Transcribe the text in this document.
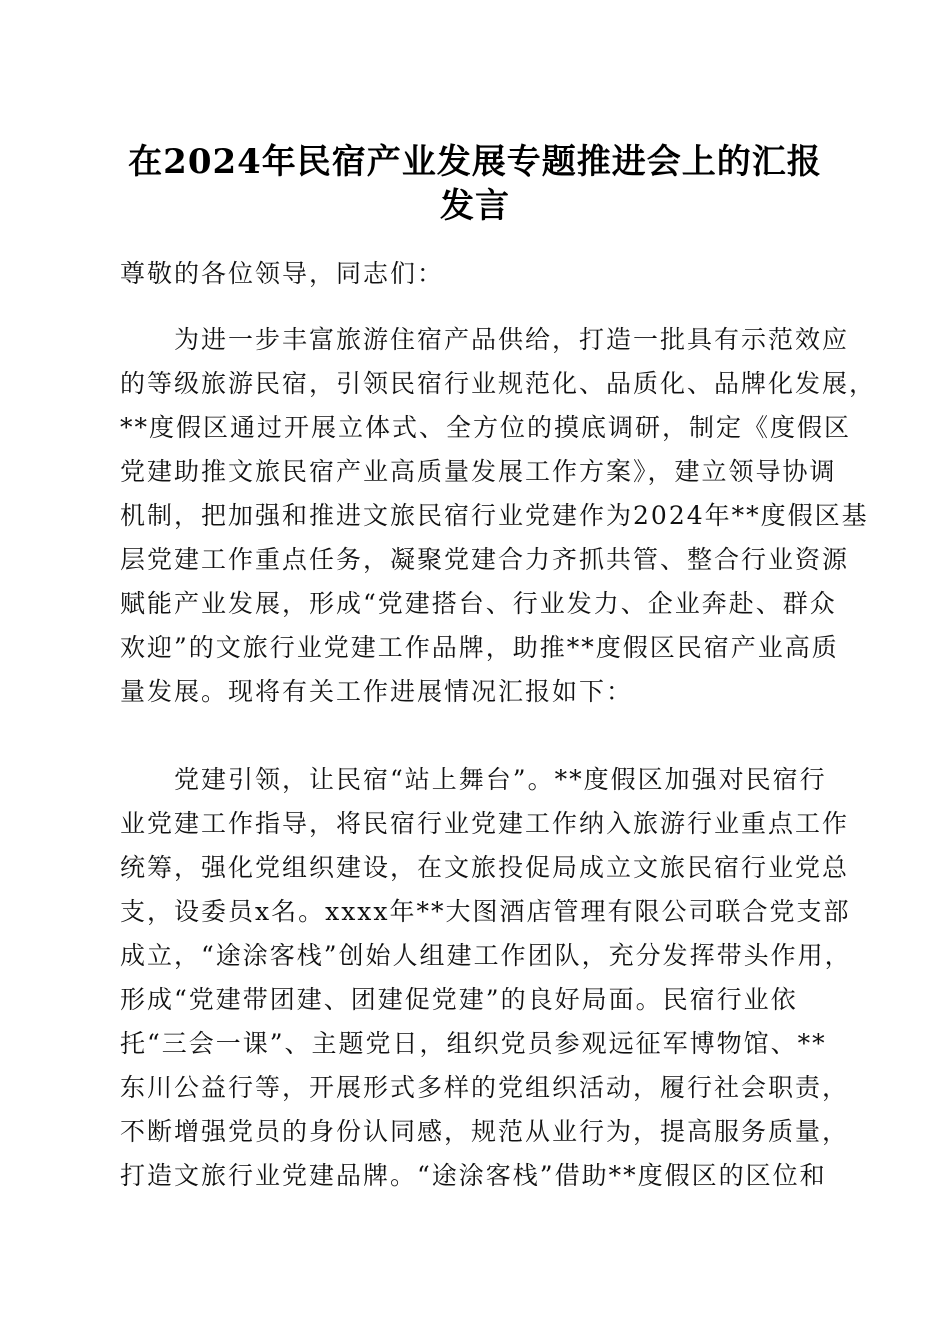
在2024年民宿产业发展专题推进会上的汇报
发言
尊敬的各位领导，同志们：
　　为进一步丰富旅游住宿产品供给，打造一批具有示范效应
的等级旅游民宿，引领民宿行业规范化、品质化、品牌化发展，
**度假区通过开展立体式、全方位的摸底调研，制定《度假区
党建助推文旅民宿产业高质量发展工作方案》，建立领导协调
机制，把加强和推进文旅民宿行业党建作为2024年**度假区基
层党建工作重点任务，凝聚党建合力齐抓共管、整合行业资源
赋能产业发展，形成“党建搭台、行业发力、企业奔赴、群众
欢迎”的文旅行业党建工作品牌，助推**度假区民宿产业高质
量发展。现将有关工作进展情况汇报如下：
　　党建引领，让民宿“站上舞台”。**度假区加强对民宿行
业党建工作指导，将民宿行业党建工作纳入旅游行业重点工作
统筹，强化党组织建设，在文旅投促局成立文旅民宿行业党总
支，设委员x名。xxxx年**大图酒店管理有限公司联合党支部
成立，“途涂客栈”创始人组建工作团队，充分发挥带头作用，
形成“党建带团建、团建促党建”的良好局面。民宿行业依
托“三会一课”、主题党日，组织党员参观远征军博物馆、**
东川公益行等，开展形式多样的党组织活动，履行社会职责，
不断增强党员的身份认同感，规范从业行为，提高服务质量，
打造文旅行业党建品牌。“途涂客栈”借助**度假区的区位和
